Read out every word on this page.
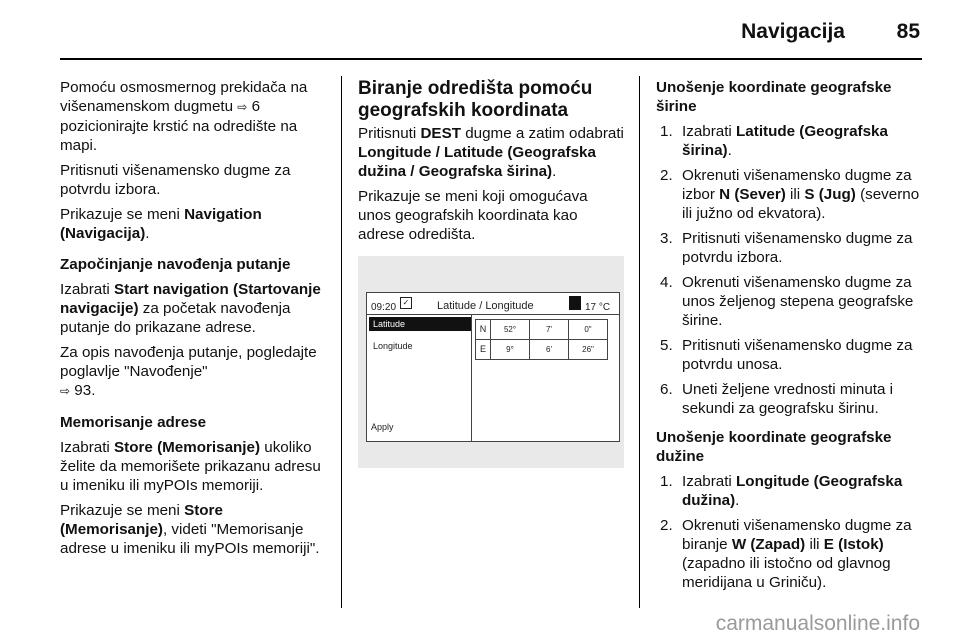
Navigacija 85

Pomoću osmosmernog prekidača na višenamenskom dugmetu ⇨ 6 pozicionirajte krstić na odredište na mapi.

Pritisnuti višenamensko dugme za potvrdu izbora.

Prikazuje se meni Navigation (Navigacija).

Započinjanje navođenja putanje

Izabrati Start navigation (Startovanje navigacije) za početak navođenja putanje do prikazane adrese.

Za opis navođenja putanje, pogledajte poglavlje "Navođenje"
⇨ 93.

Memorisanje adrese

Izabrati Store (Memorisanje) ukoliko želite da memorišete prikazanu adresu u imeniku ili myPOIs memoriji.

Prikazuje se meni Store (Memorisanje), videti "Memorisanje adrese u imeniku ili myPOIs memoriji".

Biranje odredišta pomoću geografskih koordinata

Pritisnuti DEST dugme a zatim odabrati Longitude / Latitude (Geografska dužina / Geografska širina).

Prikazuje se meni koji omogućava unos geografskih koordinata kao adrese odredišta.

09:20 ✓	Latitude / Longitude	17 °C
Latitude
Longitude
Apply
N	52°	7'	0"
E	9°	6'	26"

Unošenje koordinate geografske širine

1. Izabrati Latitude (Geografska širina).
2. Okrenuti višenamensko dugme za izbor N (Sever) ili S (Jug) (severno ili južno od ekvatora).
3. Pritisnuti višenamensko dugme za potvrdu izbora.
4. Okrenuti višenamensko dugme za unos željenog stepena geografske širine.
5. Pritisnuti višenamensko dugme za potvrdu unosa.
6. Uneti željene vrednosti minuta i sekundi za geografsku širinu.

Unošenje koordinate geografske dužine

1. Izabrati Longitude (Geografska dužina).
2. Okrenuti višenamensko dugme za biranje W (Zapad) ili E (Istok) (zapadno ili istočno od glavnog meridijana u Griniču).
carmanualsonline.info
